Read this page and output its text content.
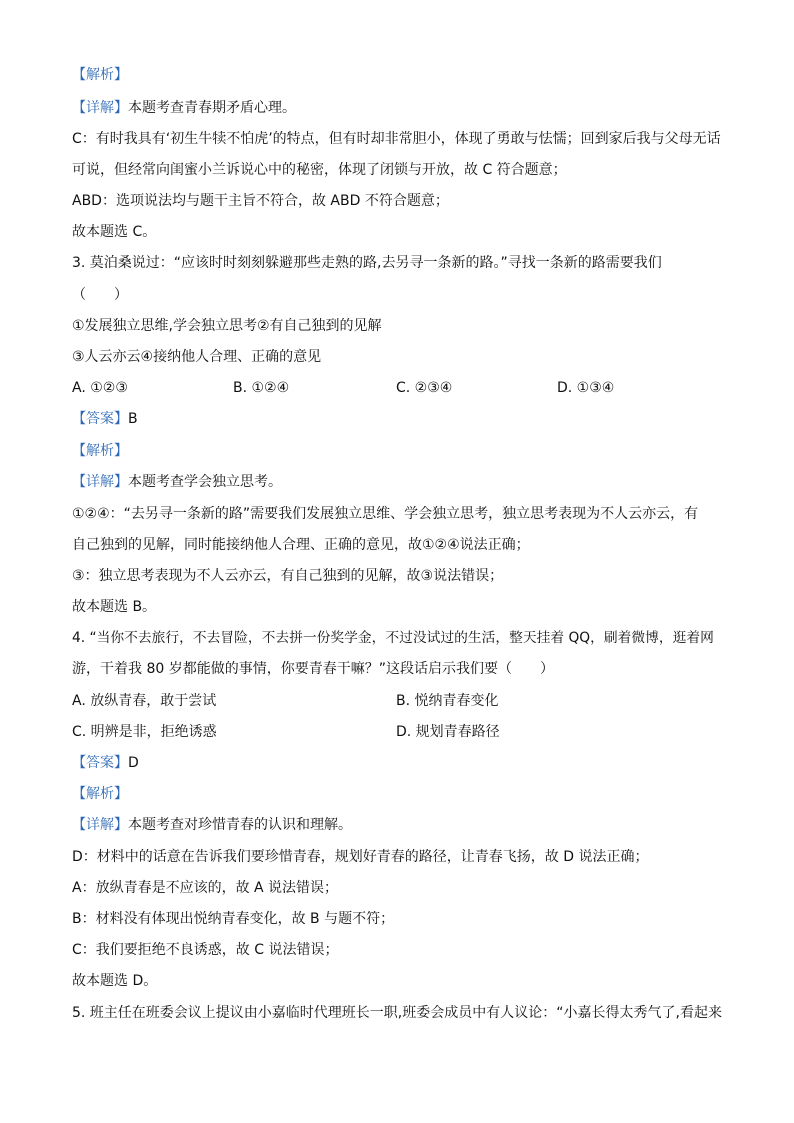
【解析】
【详解】本题考查青春期矛盾心理。
C：有时我具有‘初生牛犊不怕虎’的特点，但有时却非常胆小，体现了勇敢与怯懦；回到家后我与父母无话
可说，但经常向闺蜜小兰诉说心中的秘密，体现了闭锁与开放，故 C 符合题意；
ABD：选项说法均与题干主旨不符合，故 ABD 不符合题意；
故本题选 C。
3. 莫泊桑说过：“应该时时刻刻躲避那些走熟的路,去另寻一条新的路。”寻找一条新的路需要我们
（　　）
①发展独立思维,学会独立思考②有自己独到的见解
③人云亦云④接纳他人合理、正确的意见
A. ①②③	B. ①②④	C. ②③④	D. ①③④
【答案】B
【解析】
【详解】本题考查学会独立思考。
①②④：“去另寻一条新的路”需要我们发展独立思维、学会独立思考，独立思考表现为不人云亦云，有
自己独到的见解，同时能接纳他人合理、正确的意见，故①②④说法正确；
③：独立思考表现为不人云亦云，有自己独到的见解，故③说法错误；
故本题选 B。
4. “当你不去旅行，不去冒险，不去拼一份奖学金，不过没试过的生活，整天挂着 QQ，刷着微博，逛着网
游，干着我 80 岁都能做的事情，你要青春干嘛？”这段话启示我们要（　　）
A. 放纵青春，敢于尝试	B. 悦纳青春变化
C. 明辨是非，拒绝诱惑	D. 规划青春路径
【答案】D
【解析】
【详解】本题考查对珍惜青春的认识和理解。
D：材料中的话意在告诉我们要珍惜青春，规划好青春的路径，让青春飞扬，故 D 说法正确；
A：放纵青春是不应该的，故 A 说法错误；
B：材料没有体现出悦纳青春变化，故 B 与题不符；
C：我们要拒绝不良诱惑，故 C 说法错误；
故本题选 D。
5. 班主任在班委会议上提议由小嘉临时代理班长一职,班委会成员中有人议论：“小嘉长得太秀气了,看起来
